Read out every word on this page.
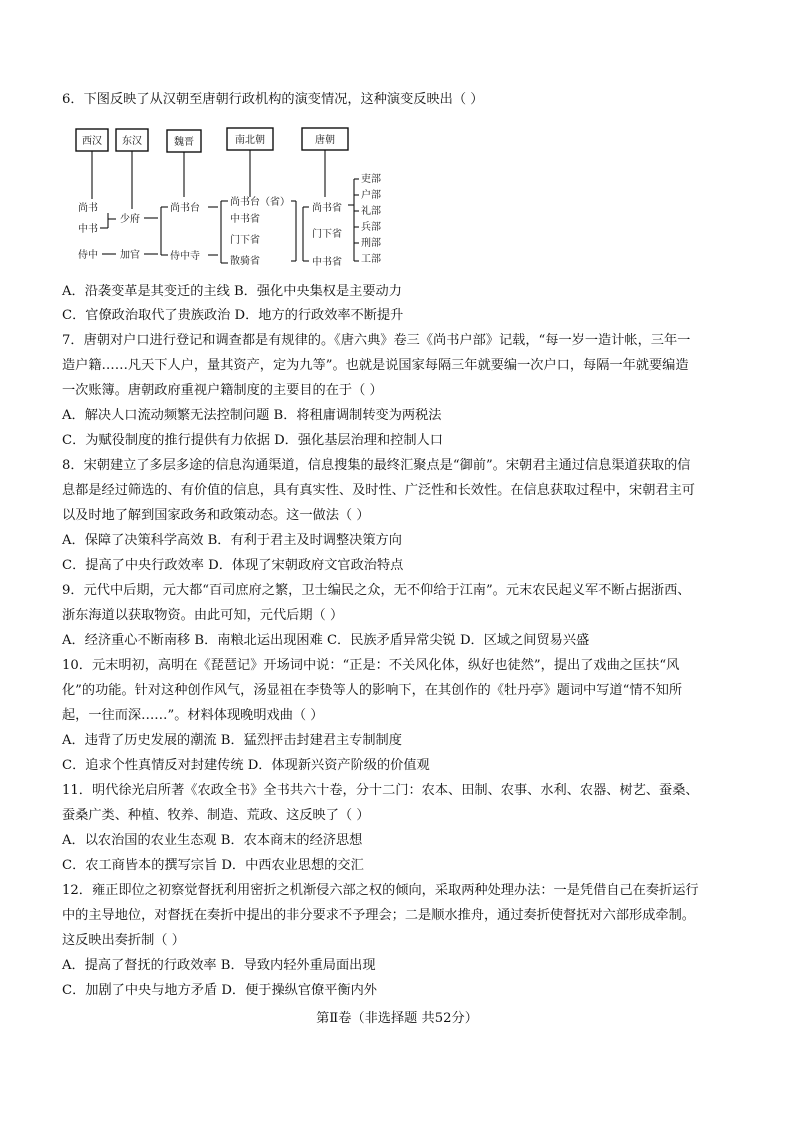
6．下图反映了从汉朝至唐朝行政机构的演变情况，这种演变反映出（ ）
西汉 东汉	魏晋	南北朝	唐朝
尚书
中书
侍中
少府
加官
尚书台
侍中寺
尚书台（省）
中书省
门下省
散骑省
尚书省
门下省
中书省
吏部
户部
礼部
兵部
刑部
工部
A．沿袭变革是其变迁的主线 B．强化中央集权是主要动力
C．官僚政治取代了贵族政治 D．地方的行政效率不断提升
7．唐朝对户口进行登记和调查都是有规律的。《唐六典》卷三《尚书户部》记载，“每一岁一造计帐，三年一
造户籍……凡天下人户，量其资产，定为九等”。也就是说国家每隔三年就要编一次户口，每隔一年就要编造
一次账簿。唐朝政府重视户籍制度的主要目的在于（ ）
A．解决人口流动频繁无法控制问题 B．将租庸调制转变为两税法
C．为赋役制度的推行提供有力依据 D．强化基层治理和控制人口
8．宋朝建立了多层多途的信息沟通渠道，信息搜集的最终汇聚点是“御前”。宋朝君主通过信息渠道获取的信
息都是经过筛选的、有价值的信息，具有真实性、及时性、广泛性和长效性。在信息获取过程中，宋朝君主可
以及时地了解到国家政务和政策动态。这一做法（ ）
A．保障了决策科学高效 B．有利于君主及时调整决策方向
C．提高了中央行政效率 D．体现了宋朝政府文官政治特点
9．元代中后期，元大都“百司庶府之繁，卫士编民之众，无不仰给于江南”。元末农民起义军不断占据浙西、
浙东海道以获取物资。由此可知，元代后期（ ）
A．经济重心不断南移 B．南粮北运出现困难 C．民族矛盾异常尖锐 D．区域之间贸易兴盛
10．元末明初，高明在《琵琶记》开场词中说：“正是：不关风化体，纵好也徒然”，提出了戏曲之匡扶“风
化”的功能。针对这种创作风气，汤显祖在李贽等人的影响下，在其创作的《牡丹亭》题词中写道“情不知所
起，一往而深……”。材料体现晚明戏曲（ ）
A．违背了历史发展的潮流 B．猛烈抨击封建君主专制制度
C．追求个性真情反对封建传统 D．体现新兴资产阶级的价值观
11．明代徐光启所著《农政全书》全书共六十卷，分十二门：农本、田制、农事、水利、农器、树艺、蚕桑、
蚕桑广类、种植、牧养、制造、荒政、这反映了（ ）
A．以农治国的农业生态观 B．农本商末的经济思想
C．农工商皆本的撰写宗旨 D．中西农业思想的交汇
12．雍正即位之初察觉督抚利用密折之机渐侵六部之权的倾向，采取两种处理办法：一是凭借自己在奏折运行
中的主导地位，对督抚在奏折中提出的非分要求不予理会；二是顺水推舟，通过奏折使督抚对六部形成牵制。
这反映出奏折制（ ）
A．提高了督抚的行政效率 B．导致内轻外重局面出现
C．加剧了中央与地方矛盾 D．便于操纵官僚平衡内外
第Ⅱ卷（非选择题 共52分）
